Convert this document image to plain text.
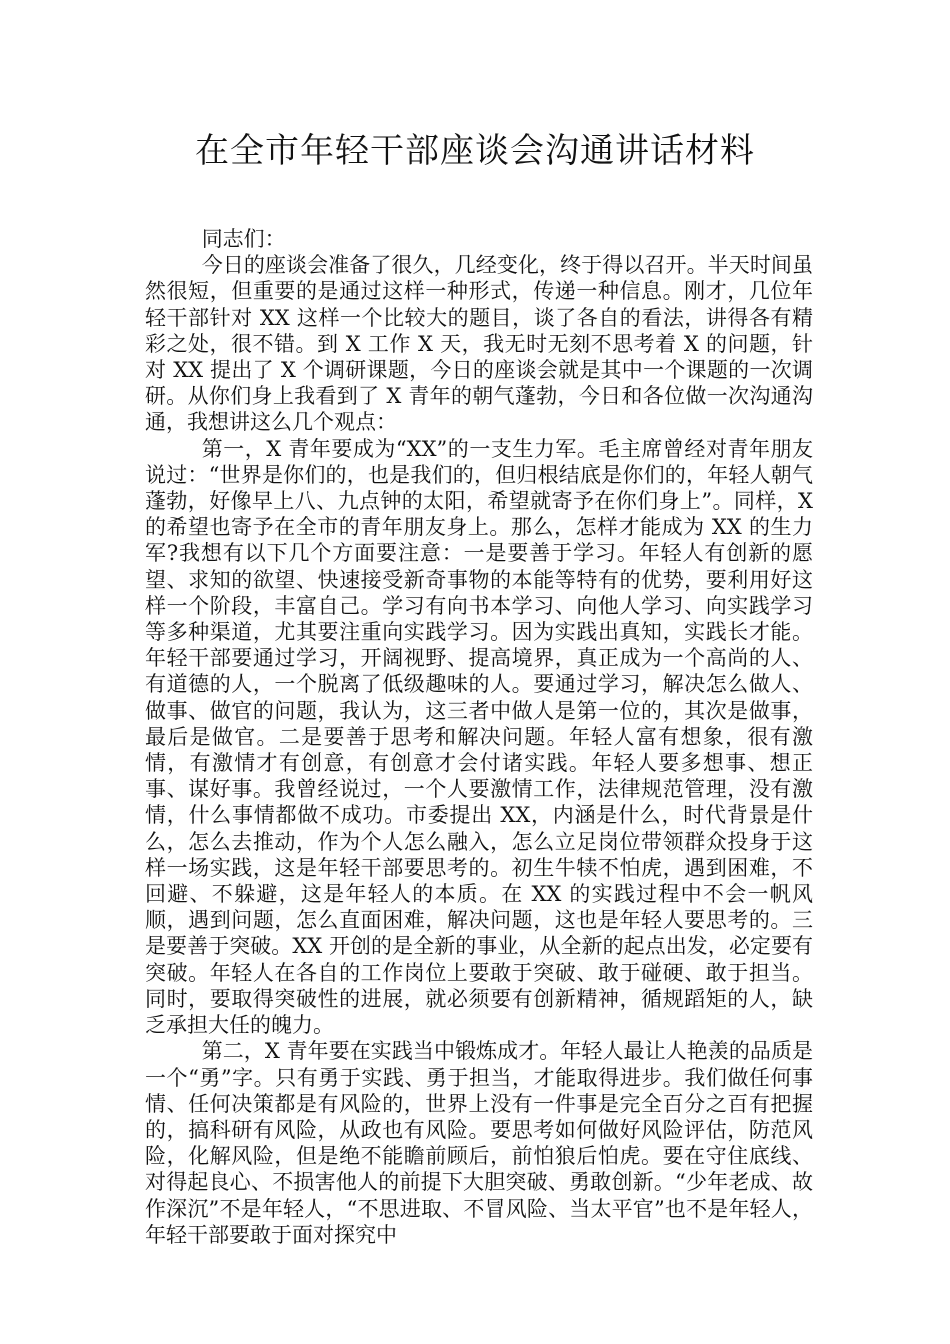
在全市年轻干部座谈会沟通讲话材料

同志们：

今日的座谈会准备了很久，几经变化，终于得以召开。半天时间虽然很短，但重要的是通过这样一种形式，传递一种信息。刚才，几位年轻干部针对 XX 这样一个比较大的题目，谈了各自的看法，讲得各有精彩之处，很不错。到 X 工作 X 天，我无时无刻不思考着 X 的问题，针对 XX 提出了 X 个调研课题，今日的座谈会就是其中一个课题的一次调研。从你们身上我看到了 X 青年的朝气蓬勃，今日和各位做一次沟通沟通，我想讲这么几个观点：

第一，X 青年要成为“XX”的一支生力军。毛主席曾经对青年朋友说过：“世界是你们的，也是我们的，但归根结底是你们的，年轻人朝气蓬勃，好像早上八、九点钟的太阳，希望就寄予在你们身上”。同样，X 的希望也寄予在全市的青年朋友身上。那么，怎样才能成为 XX 的生力军?我想有以下几个方面要注意：一是要善于学习。年轻人有创新的愿望、求知的欲望、快速接受新奇事物的本能等特有的优势，要利用好这样一个阶段，丰富自己。学习有向书本学习、向他人学习、向实践学习等多种渠道，尤其要注重向实践学习。因为实践出真知，实践长才能。年轻干部要通过学习，开阔视野、提高境界，真正成为一个高尚的人、有道德的人，一个脱离了低级趣味的人。要通过学习，解决怎么做人、做事、做官的问题，我认为，这三者中做人是第一位的，其次是做事，最后是做官。二是要善于思考和解决问题。年轻人富有想象，很有激情，有激情才有创意，有创意才会付诸实践。年轻人要多想事、想正事、谋好事。我曾经说过，一个人要激情工作，法律规范管理，没有激情，什么事情都做不成功。市委提出 XX，内涵是什么，时代背景是什么，怎么去推动，作为个人怎么融入，怎么立足岗位带领群众投身于这样一场实践，这是年轻干部要思考的。初生牛犊不怕虎，遇到困难，不回避、不躲避，这是年轻人的本质。在 XX 的实践过程中不会一帆风顺，遇到问题，怎么直面困难，解决问题，这也是年轻人要思考的。三是要善于突破。XX 开创的是全新的事业，从全新的起点出发，必定要有突破。年轻人在各自的工作岗位上要敢于突破、敢于碰硬、敢于担当。同时，要取得突破性的进展，就必须要有创新精神，循规蹈矩的人，缺乏承担大任的魄力。

第二，X 青年要在实践当中锻炼成才。年轻人最让人艳羡的品质是一个“勇”字。只有勇于实践、勇于担当，才能取得进步。我们做任何事情、任何决策都是有风险的，世界上没有一件事是完全百分之百有把握的，搞科研有风险，从政也有风险。要思考如何做好风险评估，防范风险，化解风险，但是绝不能瞻前顾后，前怕狼后怕虎。要在守住底线、对得起良心、不损害他人的前提下大胆突破、勇敢创新。“少年老成、故作深沉”不是年轻人，“不思进取、不冒风险、当太平官”也不是年轻人，年轻干部要敢于面对探究中
